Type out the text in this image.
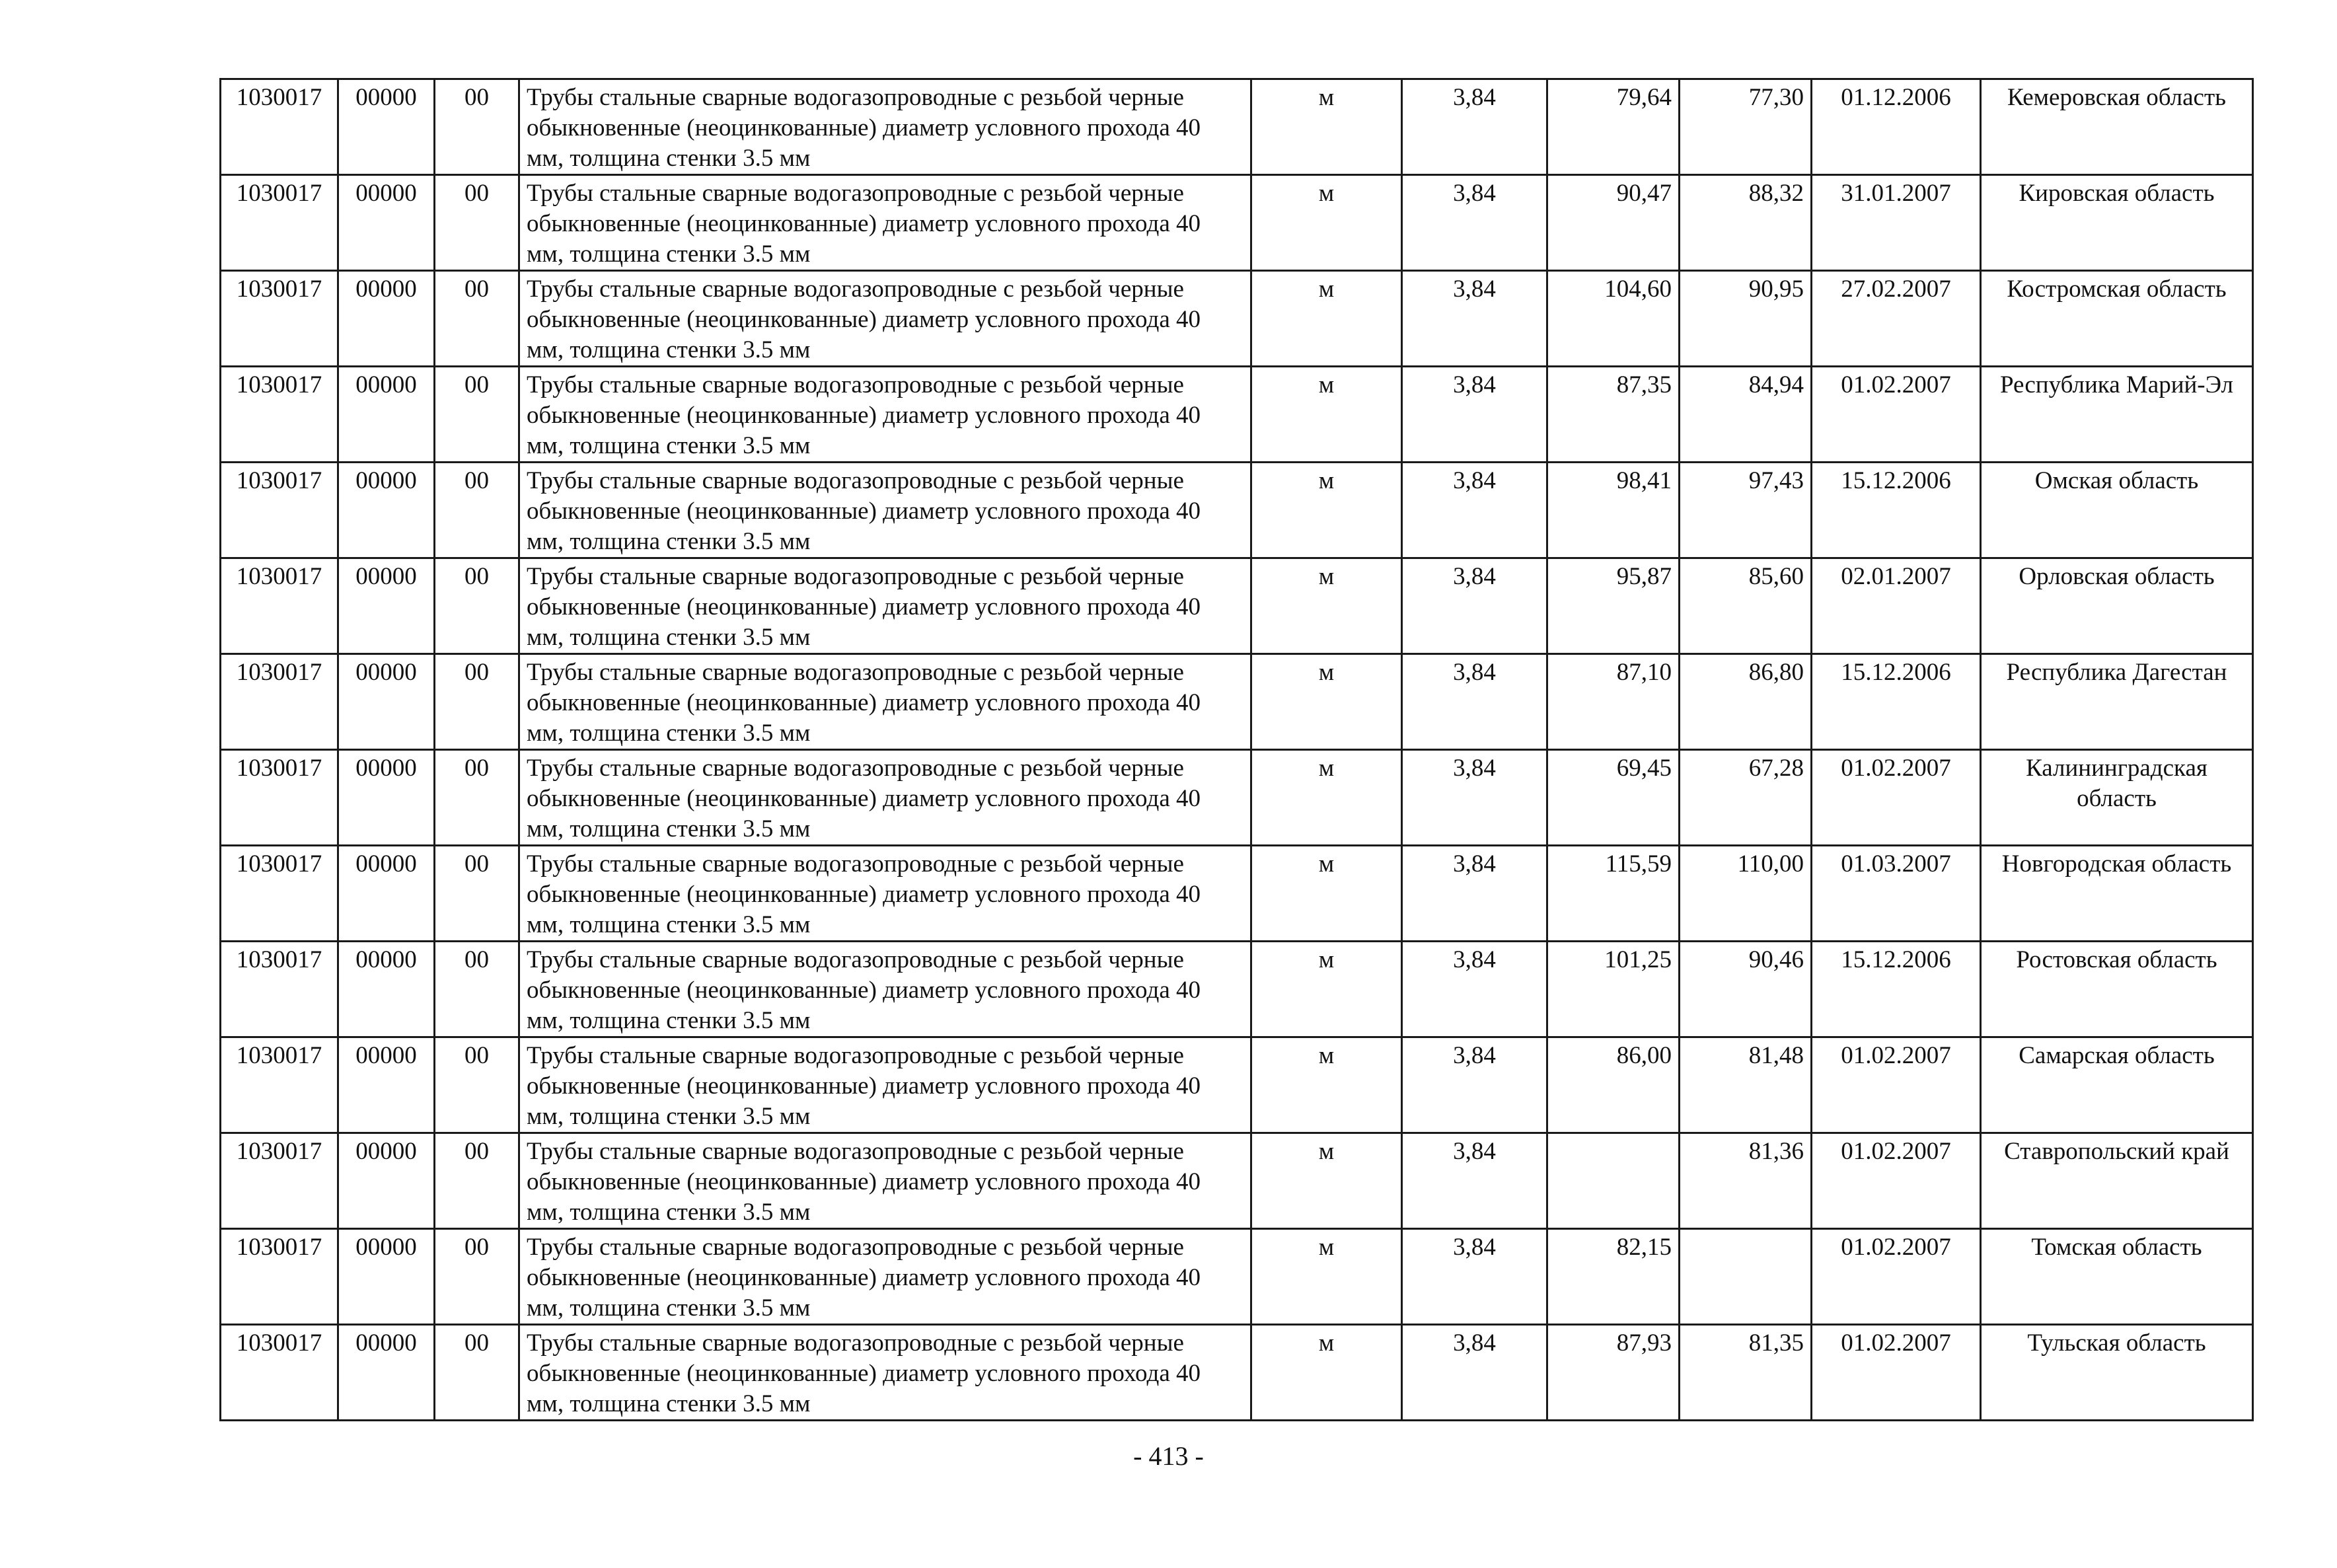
1030017	00000	00	Трубы стальные сварные водогазопроводные с резьбой черные обыкновенные (неоцинкованные) диаметр условного прохода 40 мм, толщина стенки 3.5 мм	м	3,84	79,64	77,30	01.12.2006	Кемеровская область
1030017	00000	00	Трубы стальные сварные водогазопроводные с резьбой черные обыкновенные (неоцинкованные) диаметр условного прохода 40 мм, толщина стенки 3.5 мм	м	3,84	90,47	88,32	31.01.2007	Кировская область
1030017	00000	00	Трубы стальные сварные водогазопроводные с резьбой черные обыкновенные (неоцинкованные) диаметр условного прохода 40 мм, толщина стенки 3.5 мм	м	3,84	104,60	90,95	27.02.2007	Костромская область
1030017	00000	00	Трубы стальные сварные водогазопроводные с резьбой черные обыкновенные (неоцинкованные) диаметр условного прохода 40 мм, толщина стенки 3.5 мм	м	3,84	87,35	84,94	01.02.2007	Республика Марий-Эл
1030017	00000	00	Трубы стальные сварные водогазопроводные с резьбой черные обыкновенные (неоцинкованные) диаметр условного прохода 40 мм, толщина стенки 3.5 мм	м	3,84	98,41	97,43	15.12.2006	Омская область
1030017	00000	00	Трубы стальные сварные водогазопроводные с резьбой черные обыкновенные (неоцинкованные) диаметр условного прохода 40 мм, толщина стенки 3.5 мм	м	3,84	95,87	85,60	02.01.2007	Орловская область
1030017	00000	00	Трубы стальные сварные водогазопроводные с резьбой черные обыкновенные (неоцинкованные) диаметр условного прохода 40 мм, толщина стенки 3.5 мм	м	3,84	87,10	86,80	15.12.2006	Республика Дагестан
1030017	00000	00	Трубы стальные сварные водогазопроводные с резьбой черные обыкновенные (неоцинкованные) диаметр условного прохода 40 мм, толщина стенки 3.5 мм	м	3,84	69,45	67,28	01.02.2007	Калининградская область
1030017	00000	00	Трубы стальные сварные водогазопроводные с резьбой черные обыкновенные (неоцинкованные) диаметр условного прохода 40 мм, толщина стенки 3.5 мм	м	3,84	115,59	110,00	01.03.2007	Новгородская область
1030017	00000	00	Трубы стальные сварные водогазопроводные с резьбой черные обыкновенные (неоцинкованные) диаметр условного прохода 40 мм, толщина стенки 3.5 мм	м	3,84	101,25	90,46	15.12.2006	Ростовская область
1030017	00000	00	Трубы стальные сварные водогазопроводные с резьбой черные обыкновенные (неоцинкованные) диаметр условного прохода 40 мм, толщина стенки 3.5 мм	м	3,84	86,00	81,48	01.02.2007	Самарская область
1030017	00000	00	Трубы стальные сварные водогазопроводные с резьбой черные обыкновенные (неоцинкованные) диаметр условного прохода 40 мм, толщина стенки 3.5 мм	м	3,84		81,36	01.02.2007	Ставропольский край
1030017	00000	00	Трубы стальные сварные водогазопроводные с резьбой черные обыкновенные (неоцинкованные) диаметр условного прохода 40 мм, толщина стенки 3.5 мм	м	3,84	82,15		01.02.2007	Томская область
1030017	00000	00	Трубы стальные сварные водогазопроводные с резьбой черные обыкновенные (неоцинкованные) диаметр условного прохода 40 мм, толщина стенки 3.5 мм	м	3,84	87,93	81,35	01.02.2007	Тульская область
- 413 -
